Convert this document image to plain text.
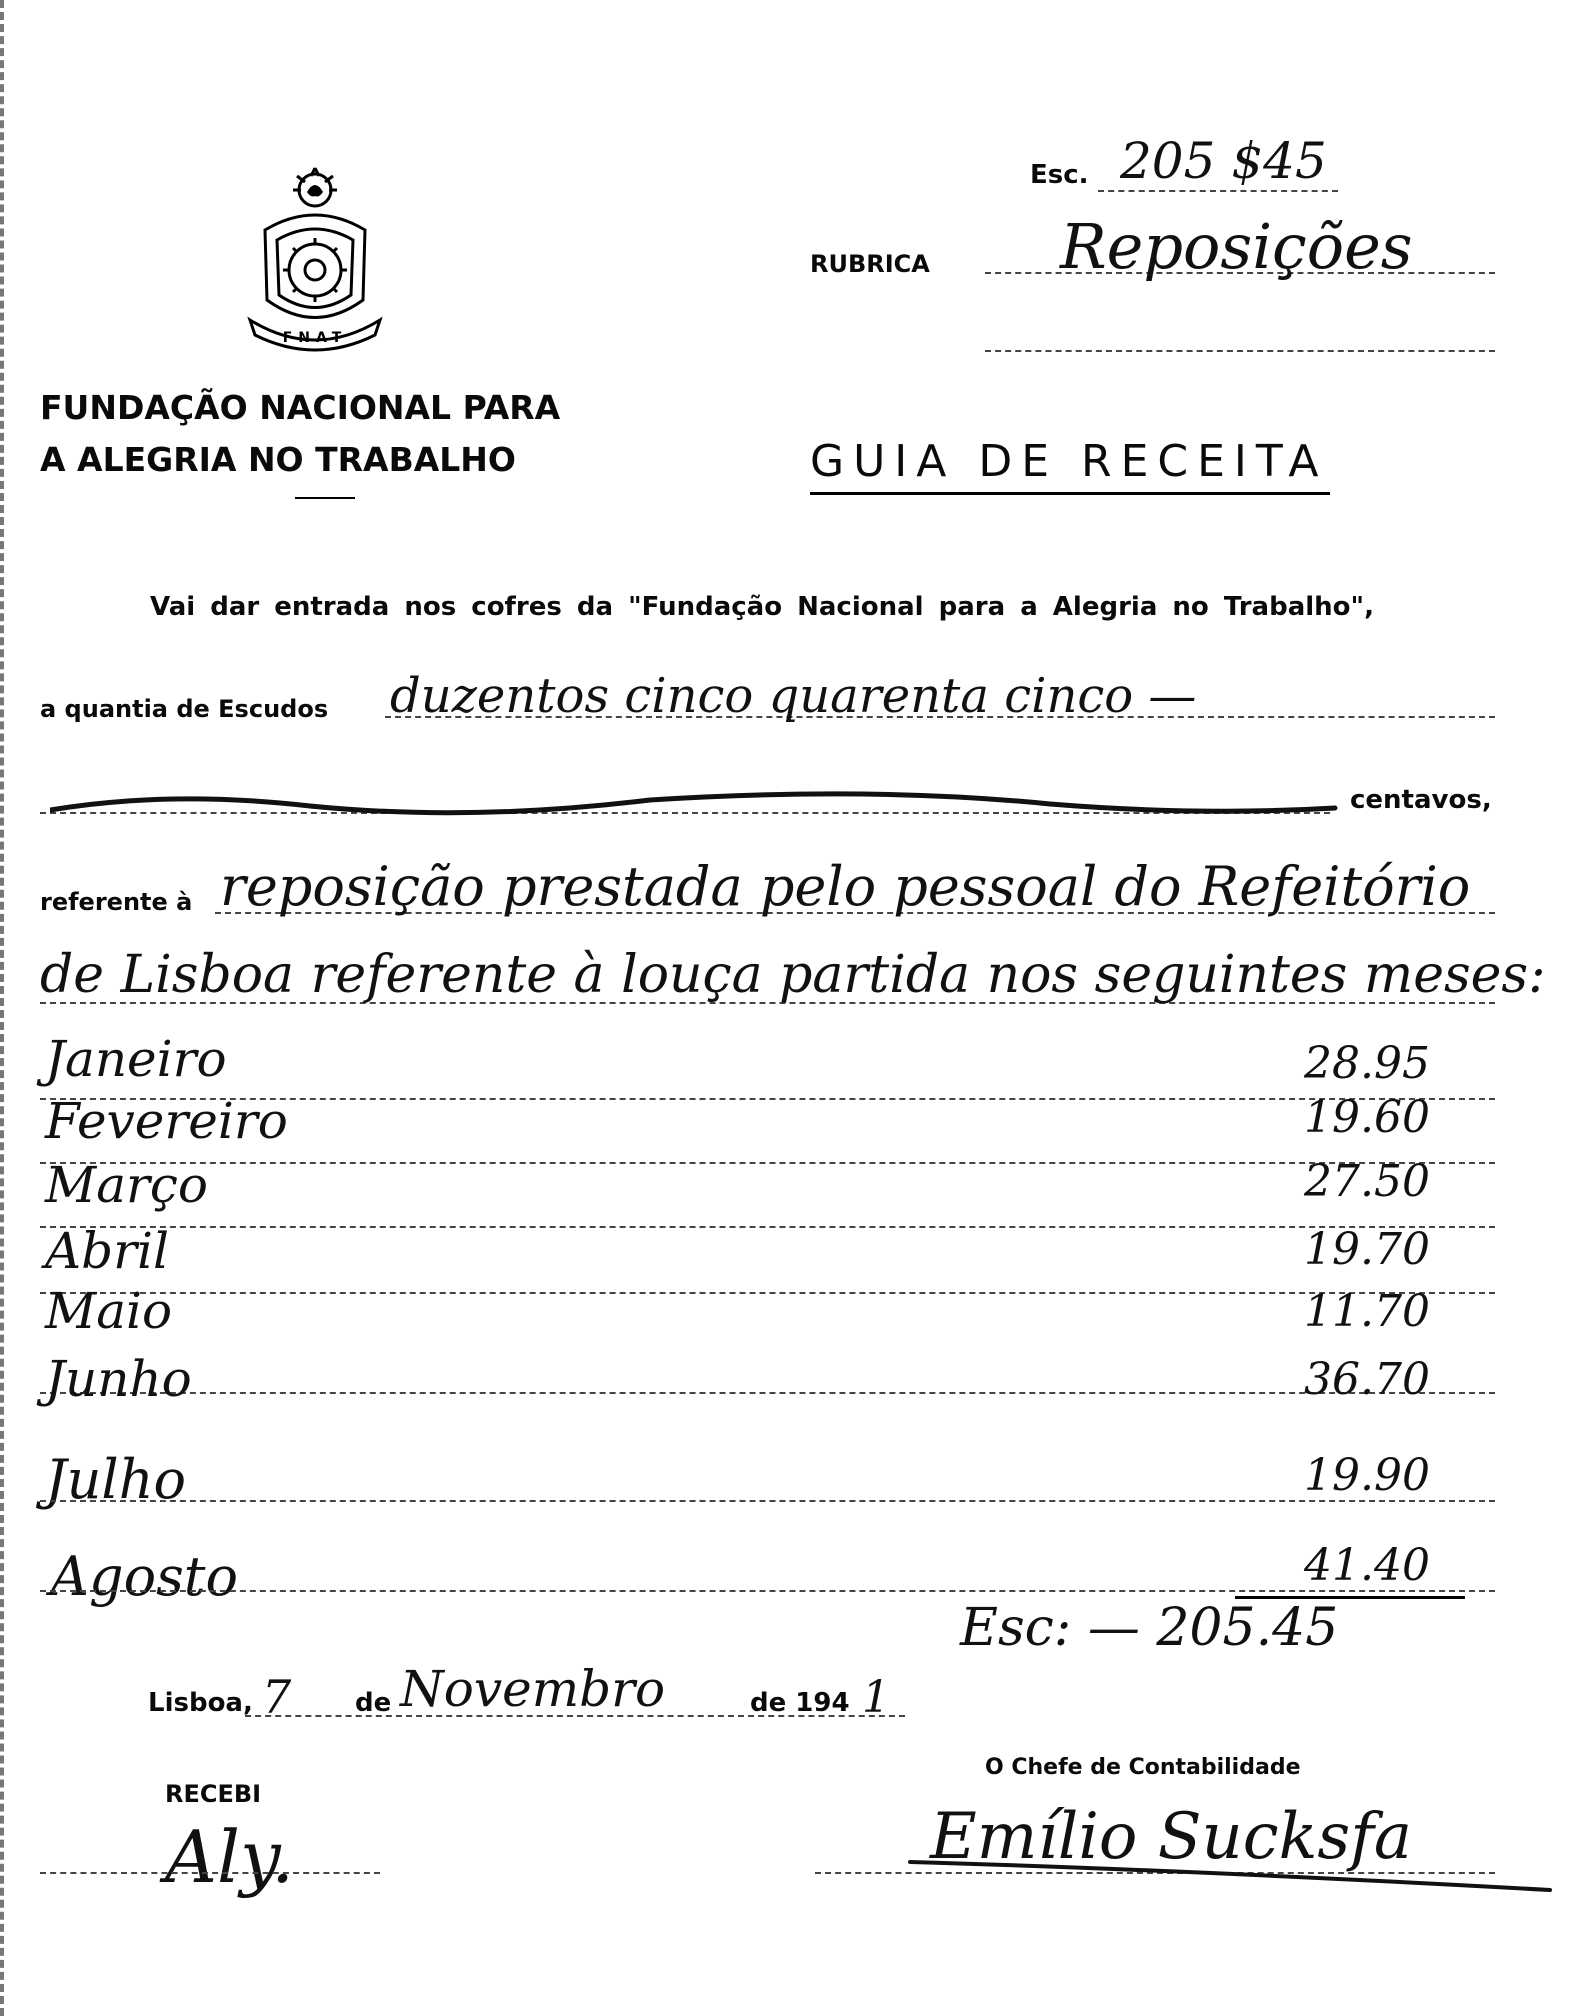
FNAT
FUNDAÇÃO NACIONAL PARA
A ALEGRIA NO TRABALHO
Esc. 205 $45
RUBRICA Reposições
GUIA DE RECEITA
Vai dar entrada nos cofres da "Fundação Nacional para a Alegria no Trabalho",
a quantia de Escudos duzentos cinco quarenta cinco —
centavos,
referente à reposição prestada pelo pessoal do Refeitório
de Lisboa referente à louça partida nos seguintes meses:
Janeiro	28.95
Fevereiro	19.60
Março	27.50
Abril	19.70
Maio	11.70
Junho	36.70
Julho	19.90
Agosto	41.40
Esc: — 205.45
Lisboa, 7 de Novembro	de 194 1
RECEBI
Aly.
O Chefe de Contabilidade
Emílio Sucksfa
